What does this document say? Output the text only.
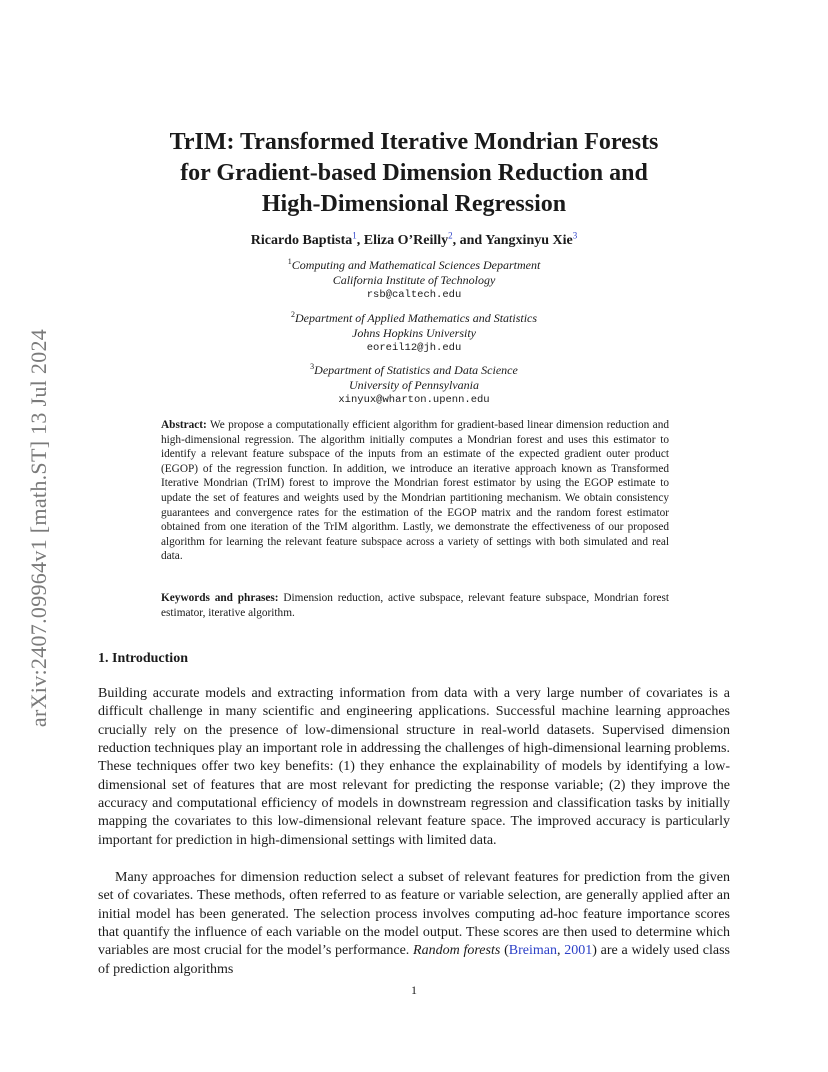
arXiv:2407.09964v1 [math.ST] 13 Jul 2024
TrIM: Transformed Iterative Mondrian Forests
for Gradient-based Dimension Reduction and
High-Dimensional Regression
Ricardo Baptista$^1$, Eliza O’Reilly$^2$, and Yangxinyu Xie$^3$
$^1$Computing and Mathematical Sciences Department
California Institute of Technology
rsb@caltech.edu
$^2$Department of Applied Mathematics and Statistics
Johns Hopkins University
eoreil12@jh.edu
$^3$Department of Statistics and Data Science
University of Pennsylvania
xinyux@wharton.upenn.edu
Abstract: We propose a computationally efficient algorithm for gradient-based linear dimension reduction and high-dimensional regression. The algorithm initially computes a Mondrian forest and uses this estimator to identify a relevant feature subspace of the inputs from an estimate of the expected gradient outer product (EGOP) of the regression function. In addition, we introduce an iterative approach known as Transformed Iterative Mondrian (TrIM) forest to improve the Mondrian forest estimator by using the EGOP estimate to update the set of features and weights used by the Mondrian partitioning mechanism. We obtain consistency guarantees and convergence rates for the estimation of the EGOP matrix and the random forest estimator obtained from one iteration of the TrIM algorithm. Lastly, we demonstrate the effectiveness of our proposed algorithm for learning the relevant feature subspace across a variety of settings with both simulated and real data.
Keywords and phrases: Dimension reduction, active subspace, relevant feature subspace, Mondrian forest estimator, iterative algorithm.
1. Introduction
Building accurate models and extracting information from data with a very large number of covariates is a difficult challenge in many scientific and engineering applications. Successful machine learning approaches crucially rely on the presence of low-dimensional structure in real-world datasets. Supervised dimension reduction techniques play an important role in addressing the challenges of high-dimensional learning problems. These techniques offer two key benefits: (1) they enhance the explainability of models by identifying a low-dimensional set of features that are most relevant for predicting the response variable; (2) they improve the accuracy and computational efficiency of models in downstream regression and classification tasks by initially mapping the covariates to this low-dimensional relevant feature space. The improved accuracy is particularly important for prediction in high-dimensional settings with limited data.
Many approaches for dimension reduction select a subset of relevant features for prediction from the given set of covariates. These methods, often referred to as feature or variable selection, are generally applied after an initial model has been generated. The selection process involves computing ad-hoc feature importance scores that quantify the influence of each variable on the model output. These scores are then used to determine which variables are most crucial for the model’s performance. Random forests (Breiman, 2001) are a widely used class of prediction algorithms
1
